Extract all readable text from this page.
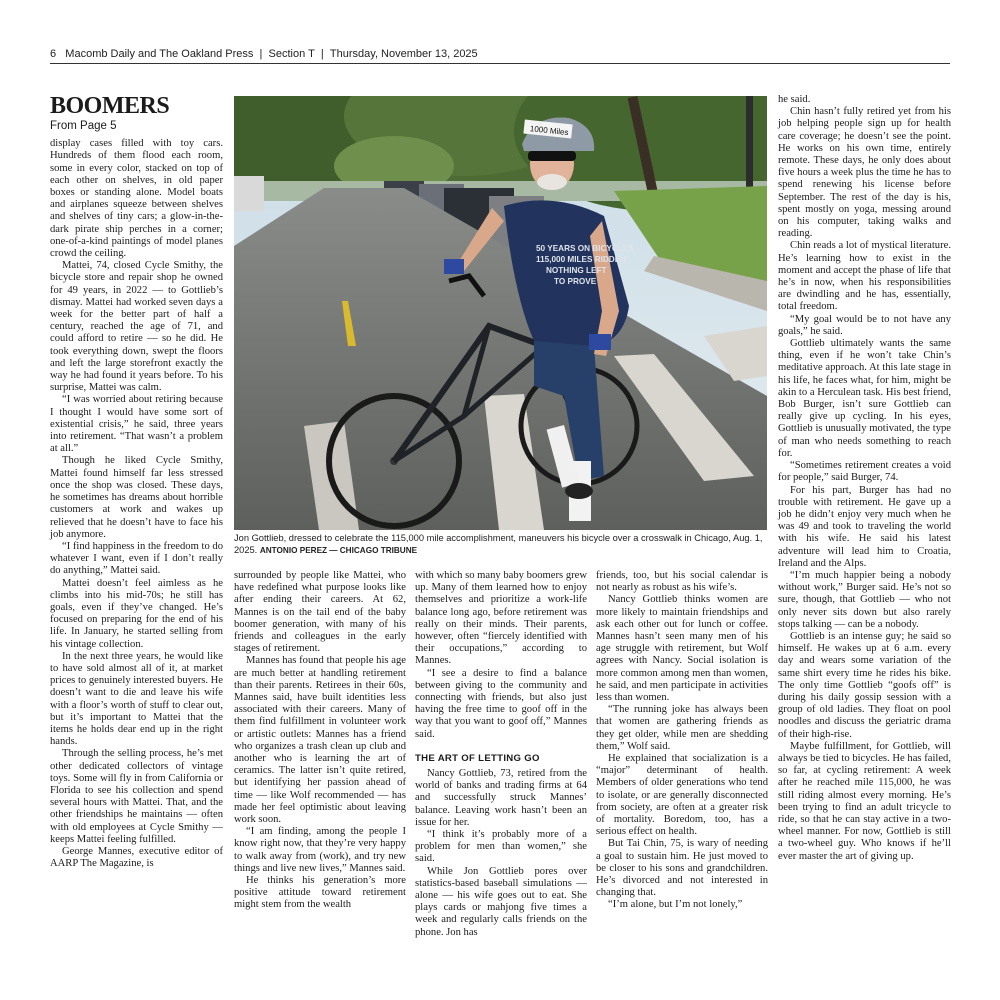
6 Macomb Daily and The Oakland Press | Section T | Thursday, November 13, 2025
BOOMERS
From Page 5

display cases filled with toy cars. Hundreds of them flood each room, some in every color, stacked on top of each other on shelves, in old paper boxes or standing alone. Model boats and airplanes squeeze between shelves and shelves of tiny cars; a glow-in-the-dark pirate ship perches in a corner; one-of-a-kind paintings of model planes crowd the ceiling.

Mattei, 74, closed Cycle Smithy, the bicycle store and repair shop he owned for 49 years, in 2022 — to Gottlieb’s dismay. Mattei had worked seven days a week for the better part of half a century, reached the age of 71, and could afford to retire — so he did. He took everything down, swept the floors and left the large storefront exactly the way he had found it years before. To his surprise, Mattei was calm.

“I was worried about retiring because I thought I would have some sort of existential crisis,” he said, three years into retirement. “That wasn’t a problem at all.”

Though he liked Cycle Smithy, Mattei found himself far less stressed once the shop was closed. These days, he sometimes has dreams about horrible customers at work and wakes up relieved that he doesn’t have to face his job anymore.

“I find happiness in the freedom to do whatever I want, even if I don’t really do anything,” Mattei said.

Mattei doesn’t feel aimless as he climbs into his mid-70s; he still has goals, even if they’ve changed. He’s focused on preparing for the end of his life. In January, he started selling from his vintage collection.

In the next three years, he would like to have sold almost all of it, at market prices to genuinely interested buyers. He doesn’t want to die and leave his wife with a floor’s worth of stuff to clear out, but it’s important to Mattei that the items he holds dear end up in the right hands.

Through the selling process, he’s met other dedicated collectors of vintage toys. Some will fly in from California or Florida to see his collection and spend several hours with Mattei. That, and the other friendships he maintains — often with old employees at Cycle Smithy — keeps Mattei feeling fulfilled.

George Mannes, executive editor of AARP The Magazine, is

1000 Miles
50 YEARS ON BICYCLES
115,000 MILES RIDDEN
NOTHING LEFT
TO PROVE
Jon Gottlieb, dressed to celebrate the 115,000 mile accomplishment, maneuvers his bicycle over a crosswalk in Chicago, Aug. 1, 2025. ANTONIO PEREZ — CHICAGO TRIBUNE

surrounded by people like Mattei, who have redefined what purpose looks like after ending their careers. At 62, Mannes is on the tail end of the baby boomer generation, with many of his friends and colleagues in the early stages of retirement.

Mannes has found that people his age are much better at handling retirement than their parents. Retirees in their 60s, Mannes said, have built identities less associated with their careers. Many of them find fulfillment in volunteer work or artistic outlets: Mannes has a friend who organizes a trash clean up club and another who is learning the art of ceramics. The latter isn’t quite retired, but identifying her passion ahead of time — like Wolf recommended — has made her feel optimistic about leaving work soon.

“I am finding, among the people I know right now, that they’re very happy to walk away from (work), and try new things and live new lives,” Mannes said.

He thinks his generation’s more positive attitude toward retirement might stem from the wealth

with which so many baby boomers grew up. Many of them learned how to enjoy themselves and prioritize a work-life balance long ago, before retirement was really on their minds. Their parents, however, often “fiercely identified with their occupations,” according to Mannes.

“I see a desire to find a balance between giving to the community and connecting with friends, but also just having the free time to goof off in the way that you want to goof off,” Mannes said.

THE ART OF LETTING GO

Nancy Gottlieb, 73, retired from the world of banks and trading firms at 64 and successfully struck Mannes’ balance. Leaving work hasn’t been an issue for her.

“I think it’s probably more of a problem for men than women,” she said.

While Jon Gottlieb pores over statistics-based baseball simulations — alone — his wife goes out to eat. She plays cards or mahjong five times a week and regularly calls friends on the phone. Jon has

friends, too, but his social calendar is not nearly as robust as his wife’s.

Nancy Gottlieb thinks women are more likely to maintain friendships and ask each other out for lunch or coffee. Mannes hasn’t seen many men of his age struggle with retirement, but Wolf agrees with Nancy. Social isolation is more common among men than women, he said, and men participate in activities less than women.

“The running joke has always been that women are gathering friends as they get older, while men are shedding them,” Wolf said.

He explained that socialization is a “major” determinant of health. Members of older generations who tend to isolate, or are generally disconnected from society, are often at a greater risk of mortality. Boredom, too, has a serious effect on health.

But Tai Chin, 75, is wary of needing a goal to sustain him. He just moved to be closer to his sons and grandchildren. He’s divorced and not interested in changing that.

“I’m alone, but I’m not lonely,”

he said.

Chin hasn’t fully retired yet from his job helping people sign up for health care coverage; he doesn’t see the point. He works on his own time, entirely remote. These days, he only does about five hours a week plus the time he has to spend renewing his license before September. The rest of the day is his, spent mostly on yoga, messing around on his computer, taking walks and reading.

Chin reads a lot of mystical literature. He’s learning how to exist in the moment and accept the phase of life that he’s in now, when his responsibilities are dwindling and he has, essentially, total freedom.

“My goal would be to not have any goals,” he said.

Gottlieb ultimately wants the same thing, even if he won’t take Chin’s meditative approach. At this late stage in his life, he faces what, for him, might be akin to a Herculean task. His best friend, Bob Burger, isn’t sure Gottlieb can really give up cycling. In his eyes, Gottlieb is unusually motivated, the type of man who needs something to reach for.

“Sometimes retirement creates a void for people,” said Burger, 74.

For his part, Burger has had no trouble with retirement. He gave up a job he didn’t enjoy very much when he was 49 and took to traveling the world with his wife. He said his latest adventure will lead him to Croatia, Ireland and the Alps.

“I’m much happier being a nobody without work,” Burger said. He’s not so sure, though, that Gottlieb — who not only never sits down but also rarely stops talking — can be a nobody.

Gottlieb is an intense guy; he said so himself. He wakes up at 6 a.m. every day and wears some variation of the same shirt every time he rides his bike. The only time Gottlieb “goofs off” is during his daily gossip session with a group of old ladies. They float on pool noodles and discuss the geriatric drama of their high-rise.

Maybe fulfillment, for Gottlieb, will always be tied to bicycles. He has failed, so far, at cycling retirement: A week after he reached mile 115,000, he was still riding almost every morning. He’s been trying to find an adult tricycle to ride, so that he can stay active in a two-wheel manner. For now, Gottlieb is still a two-wheel guy. Who knows if he’ll ever master the art of giving up.
